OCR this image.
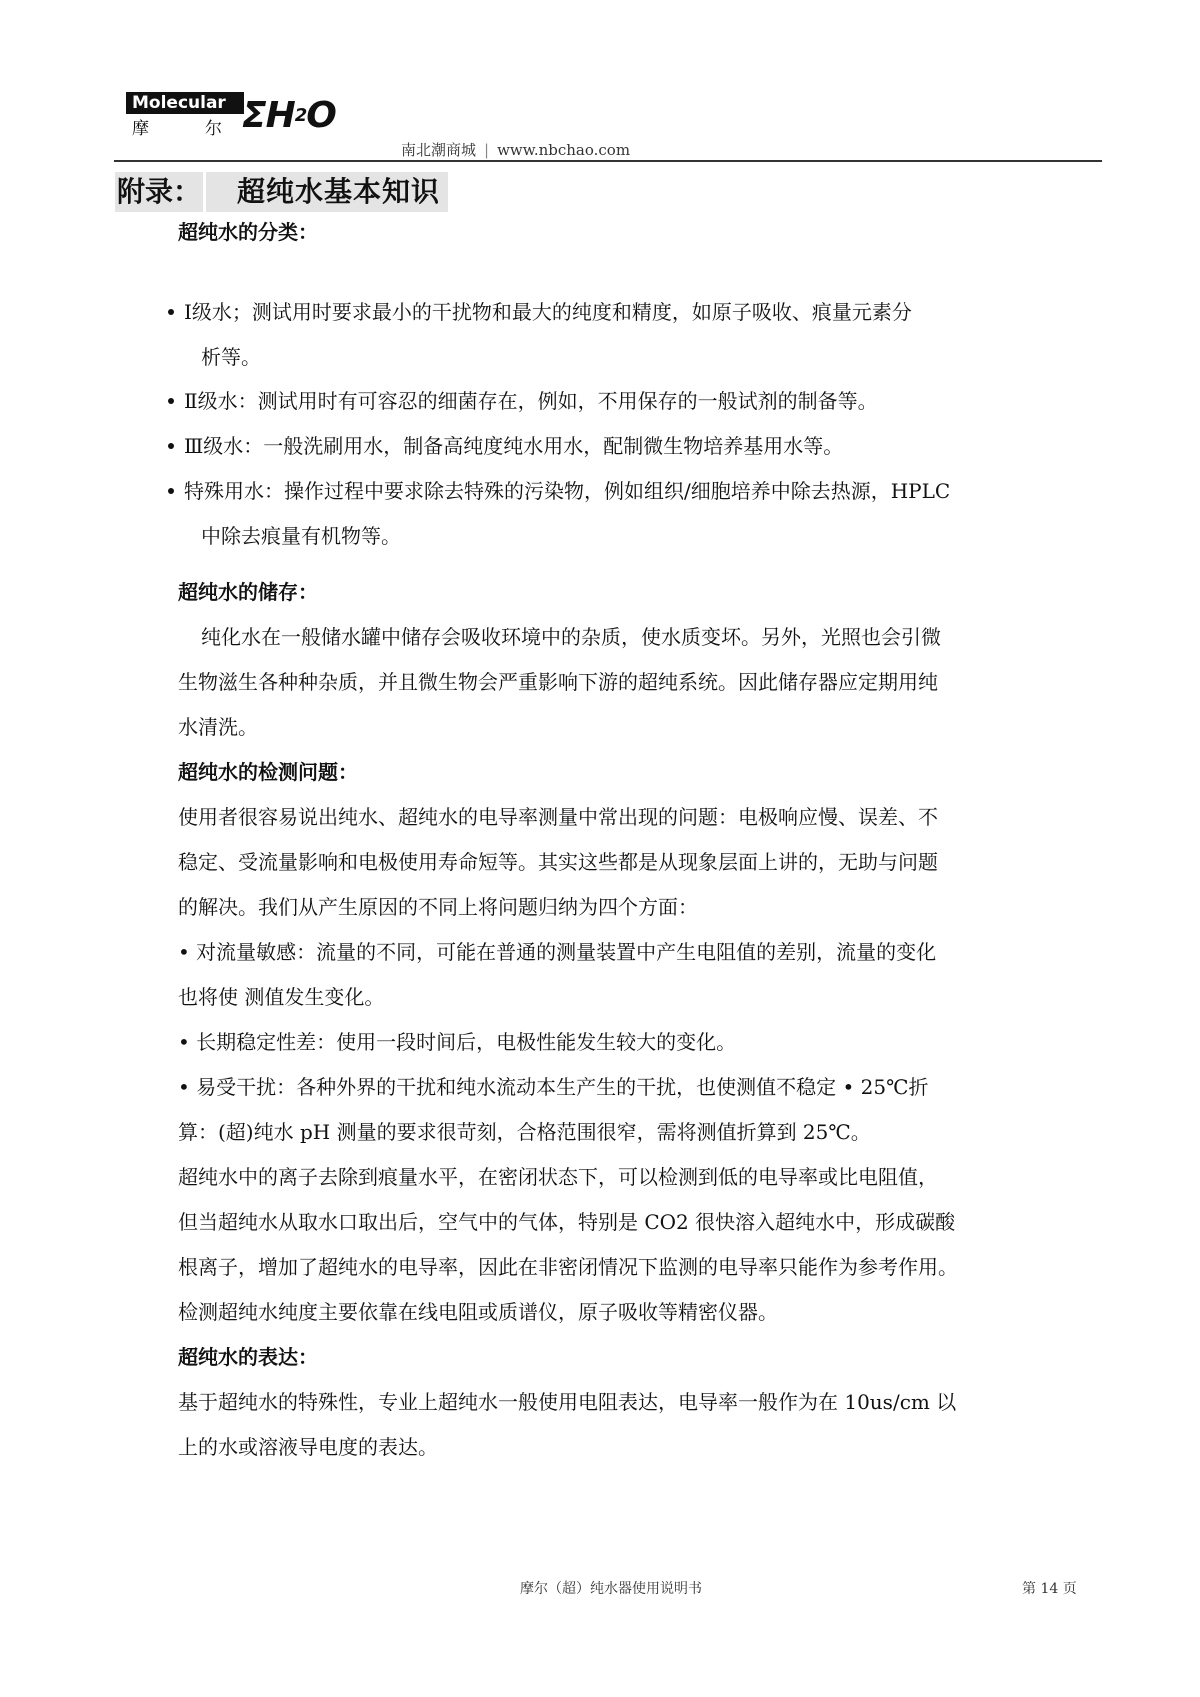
Molecular
摩	尔 $\Sigma H^2O$
南北潮商城 | www.nbchao.com
附录： 超纯水基本知识
超纯水的分类：
Ⅰ级水；测试用时要求最小的干扰物和最大的纯度和精度，如原子吸收、痕量元素分
析等。
Ⅱ级水：测试用时有可容忍的细菌存在，例如，不用保存的一般试剂的制备等。
Ⅲ级水：一般洗刷用水，制备高纯度纯水用水，配制微生物培养基用水等。
特殊用水：操作过程中要求除去特殊的污染物，例如组织/细胞培养中除去热源，HPLC
中除去痕量有机物等。
超纯水的储存：
纯化水在一般储水罐中储存会吸收环境中的杂质，使水质变坏。另外，光照也会引微
生物滋生各种种杂质，并且微生物会严重影响下游的超纯系统。因此储存器应定期用纯
水清洗。
超纯水的检测问题：
使用者很容易说出纯水、超纯水的电导率测量中常出现的问题：电极响应慢、误差、不
稳定、受流量影响和电极使用寿命短等。其实这些都是从现象层面上讲的，无助与问题
的解决。我们从产生原因的不同上将问题归纳为四个方面：
• 对流量敏感：流量的不同，可能在普通的测量装置中产生电阻值的差别，流量的变化
也将使 测值发生变化。
• 长期稳定性差：使用一段时间后，电极性能发生较大的变化。
• 易受干扰：各种外界的干扰和纯水流动本生产生的干扰，也使测值不稳定 • 25℃折
算：(超)纯水 pH 测量的要求很苛刻，合格范围很窄，需将测值折算到 25℃。
超纯水中的离子去除到痕量水平，在密闭状态下，可以检测到低的电导率或比电阻值，
但当超纯水从取水口取出后，空气中的气体，特别是 CO2 很快溶入超纯水中，形成碳酸
根离子，增加了超纯水的电导率，因此在非密闭情况下监测的电导率只能作为参考作用。
检测超纯水纯度主要依靠在线电阻或质谱仪，原子吸收等精密仪器。
超纯水的表达：
基于超纯水的特殊性，专业上超纯水一般使用电阻表达，电导率一般作为在 10us/cm 以
上的水或溶液导电度的表达。
摩尔（超）纯水器使用说明书	第 14 页
